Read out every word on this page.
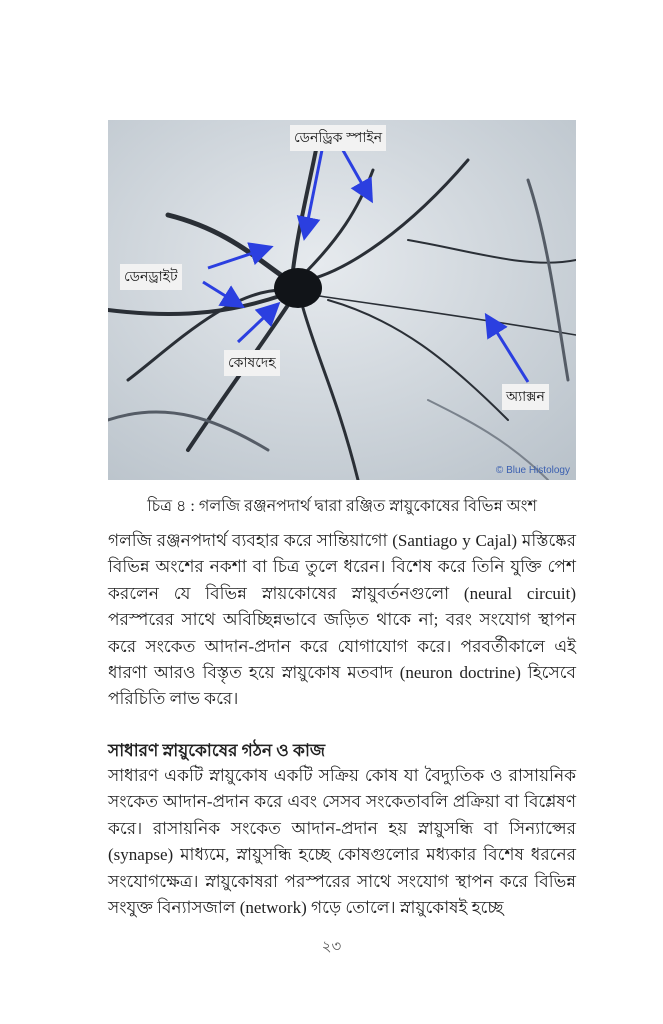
ডেনড্রিক স্পাইন
ডেনড্রাইট
কোষদেহ
অ্যাক্সন
© Blue Histology
চিত্র ৪ : গলজি রঞ্জনপদার্থ দ্বারা রঞ্জিত স্নায়ুকোষের বিভিন্ন অংশ
গলজি রঞ্জনপদার্থ ব্যবহার করে সান্তিয়াগো (Santiago y Cajal) মস্তিষ্কের বিভিন্ন অংশের নকশা বা চিত্র তুলে ধরেন। বিশেষ করে তিনি যুক্তি পেশ করলেন যে বিভিন্ন স্নায়কোষের স্নায়ুবর্তনগুলো (neural circuit) পরস্পরের সাথে অবিচ্ছিন্নভাবে জড়িত থাকে না; বরং সংযোগ স্থাপন করে সংকেত আদান-প্রদান করে যোগাযোগ করে। পরবর্তীকালে এই ধারণা আরও বিস্তৃত হয়ে স্নায়ুকোষ মতবাদ (neuron doctrine) হিসেবে পরিচিতি লাভ করে।
সাধারণ স্নায়ুকোষের গঠন ও কাজ
সাধারণ একটি স্নায়ুকোষ একটি সক্রিয় কোষ যা বৈদ্যুতিক ও রাসায়নিক সংকেত আদান-প্রদান করে এবং সেসব সংকেতাবলি প্রক্রিয়া বা বিশ্লেষণ করে। রাসায়নিক সংকেত আদান-প্রদান হয় স্নায়ুসন্ধি বা সিন্যাপ্সের (synapse) মাধ্যমে, স্নায়ুসন্ধি হচ্ছে কোষগুলোর মধ্যকার বিশেষ ধরনের সংযোগক্ষেত্র। স্নায়ুকোষরা পরস্পরের সাথে সংযোগ স্থাপন করে বিভিন্ন সংযুক্ত বিন্যাসজাল (network) গড়ে তোলে। স্নায়ুকোষই হচ্ছে
২৩
